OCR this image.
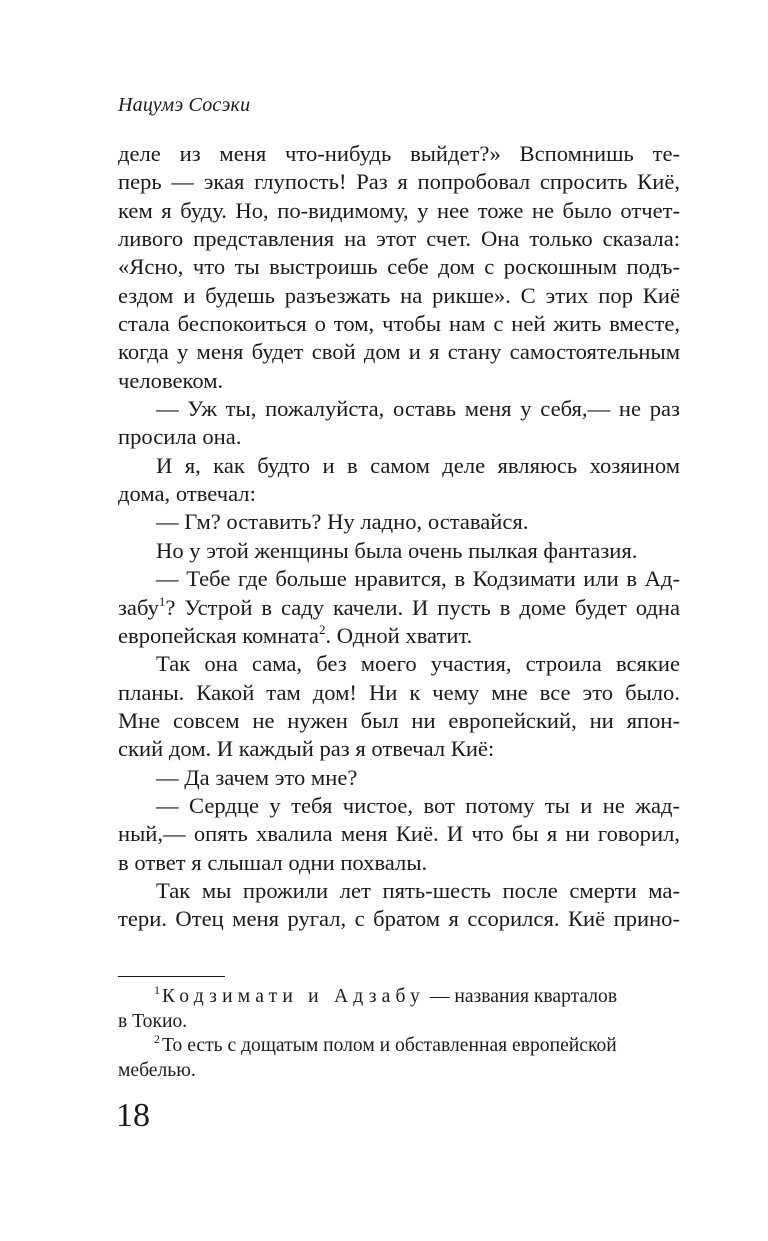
Нацумэ Сосэки
деле из меня что-нибудь выйдет?» Вспомнишь те-
перь — экая глупость! Раз я попробовал спросить Киё,
кем я буду. Но, по-видимому, у нее тоже не было отчет-
ливого представления на этот счет. Она только сказала:
«Ясно, что ты выстроишь себе дом с роскошным подъ-
ездом и будешь разъезжать на рикше». С этих пор Киё
стала беспокоиться о том, чтобы нам с ней жить вместе,
когда у меня будет свой дом и я стану самостоятельным
человеком.
— Уж ты, пожалуйста, оставь меня у себя,— не раз
просила она.
И я, как будто и в самом деле являюсь хозяином
дома, отвечал:
— Гм? оставить? Ну ладно, оставайся.
Но у этой женщины была очень пылкая фантазия.
— Тебе где больше нравится, в Кодзимати или в Ад-
забу$^1$? Устрой в саду качели. И пусть в доме будет одна
европейская комната$^2$. Одной хватит.
Так она сама, без моего участия, строила всякие
планы. Какой там дом! Ни к чему мне все это было.
Мне совсем не нужен был ни европейский, ни япон-
ский дом. И каждый раз я отвечал Киё:
— Да зачем это мне?
— Сердце у тебя чистое, вот потому ты и не жад-
ный,— опять хвалила меня Киё. И что бы я ни говорил,
в ответ я слышал одни похвалы.
Так мы прожили лет пять-шесть после смерти ма-
тери. Отец меня ругал, с братом я ссорился. Киё прино-
$^1$ Кодзимати и Адзабу — названия кварталов
в Токио.
$^2$ То есть с дощатым полом и обставленная европейской
мебелью.
18
